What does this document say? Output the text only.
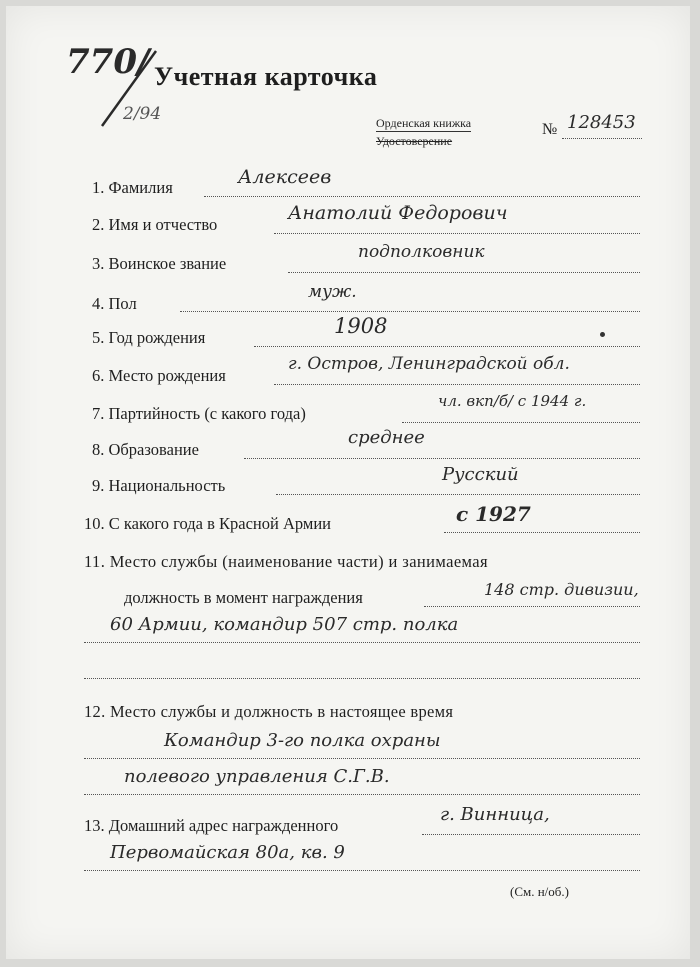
770/
2/94
Учетная карточка
Орденская книжка
Удостоверение
№ 128453
1. Фамилия	Алексеев
2. Имя и отчество
Анатолий Федорович
3. Воинское звание
подполковник
4. Пол
муж.
5. Год рождения	1908
6. Место рождения
г. Остров, Ленинградской обл.
7. Партийность (с какого года)
чл. вкп/б/ с 1944 г.
8. Образование
среднее
9. Национальность
Русский
10. С какого года в Красной Армии	с 1927
11. Место службы (наименование части) и занимаемая
должность в момент награждения	148 стр. дивизии,
60 Армии, командир 507 стр. полка
12. Место службы и должность в настоящее время
Командир 3-го полка охраны
полевого управления С.Г.В.
13. Домашний адрес награжденного
г. Винница,
Первомайская 80а, кв. 9
(См. н/об.)
